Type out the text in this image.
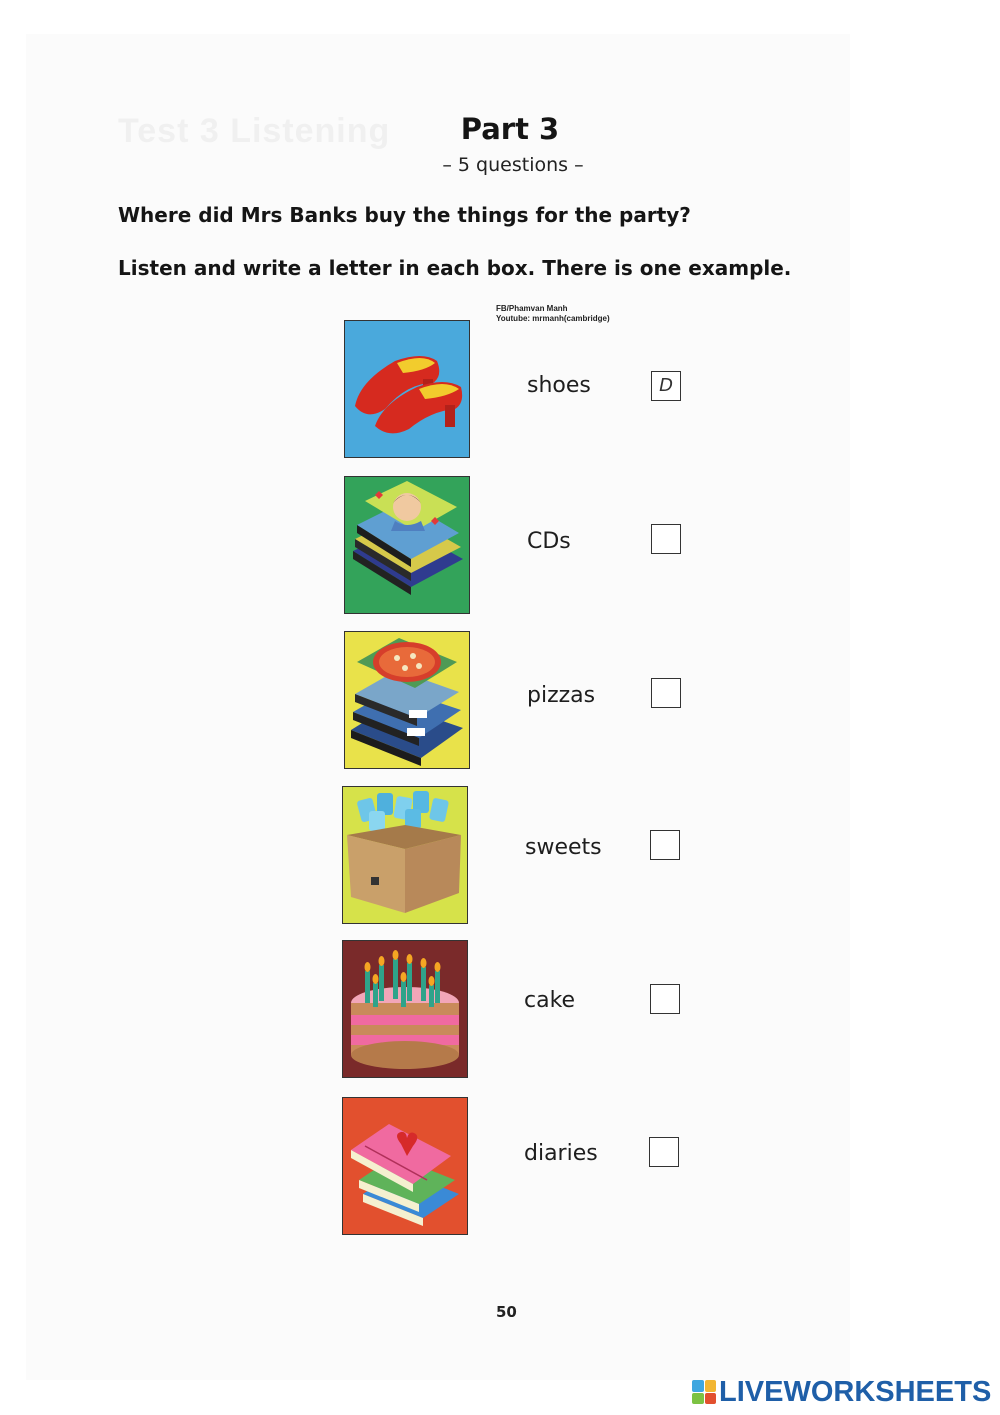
Test 3 Listening	Part 3
– 5 questions –
Where did Mrs Banks buy the things for the party?
Listen and write a letter in each box. There is one example.
FB/Phamvan Manh
Youtube: mrmanh(cambridge)
shoes	D
CDs
pizzas
sweets
cake
diaries
50
LIVEWORKSHEETS
